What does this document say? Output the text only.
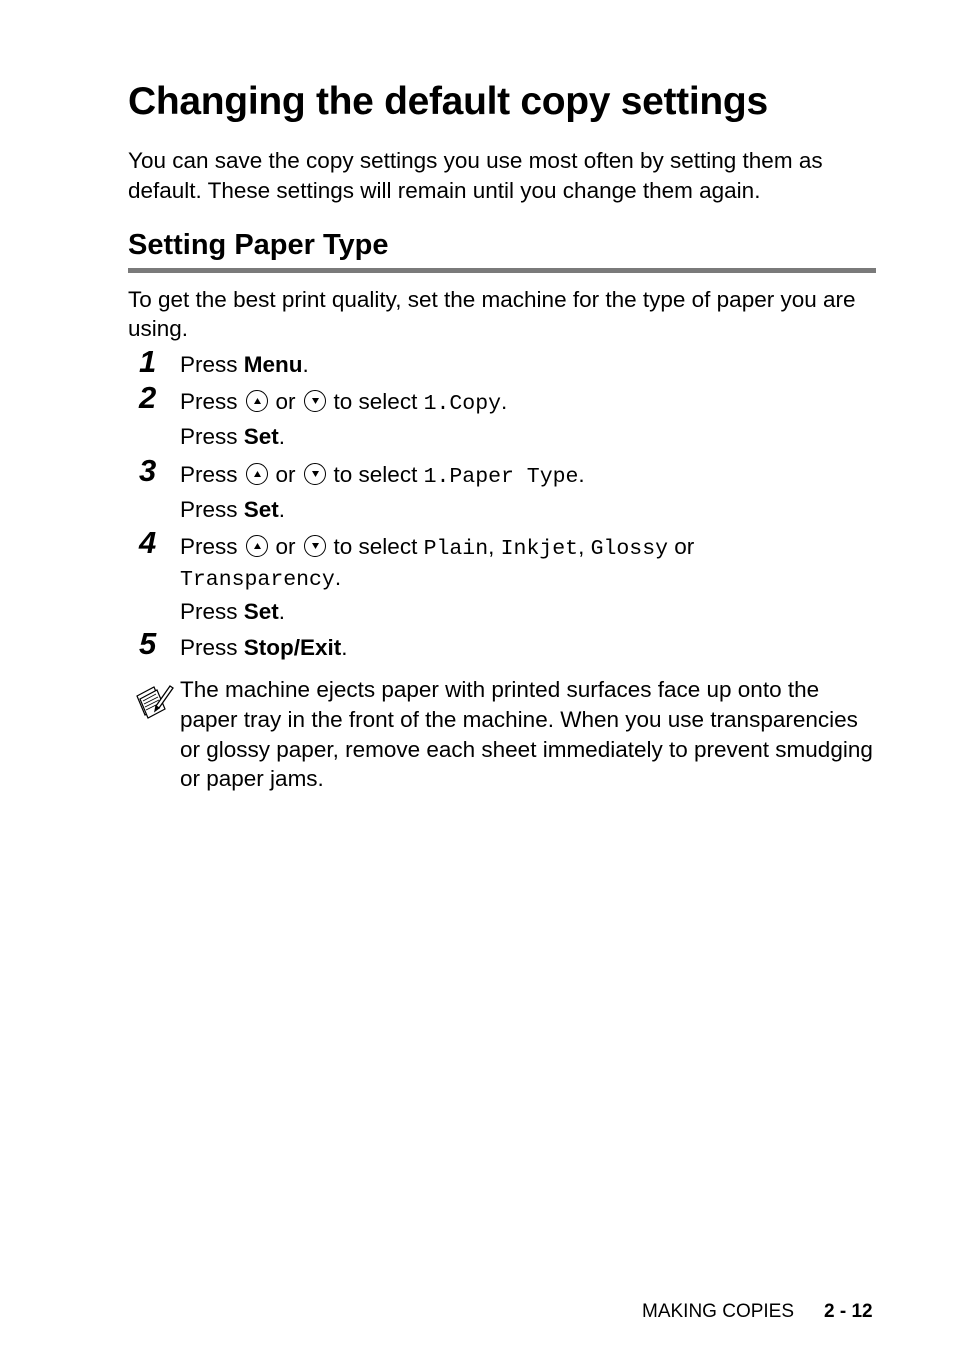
Changing the default copy settings

You can save the copy settings you use most often by setting them as default. These settings will remain until you change them again.

Setting Paper Type

To get the best print quality, set the machine for the type of paper you are using.

1 Press Menu.
2 Press or to select 1.Copy.
Press Set.
3 Press or to select 1.Paper Type.
Press Set.
4 Press or to select Plain, Inkjet, Glossy or
Transparency.
Press Set.
5 Press Stop/Exit.

The machine ejects paper with printed surfaces face up onto the paper tray in the front of the machine. When you use transparencies or glossy paper, remove each sheet immediately to prevent smudging or paper jams.

MAKING COPIES 2 - 12
